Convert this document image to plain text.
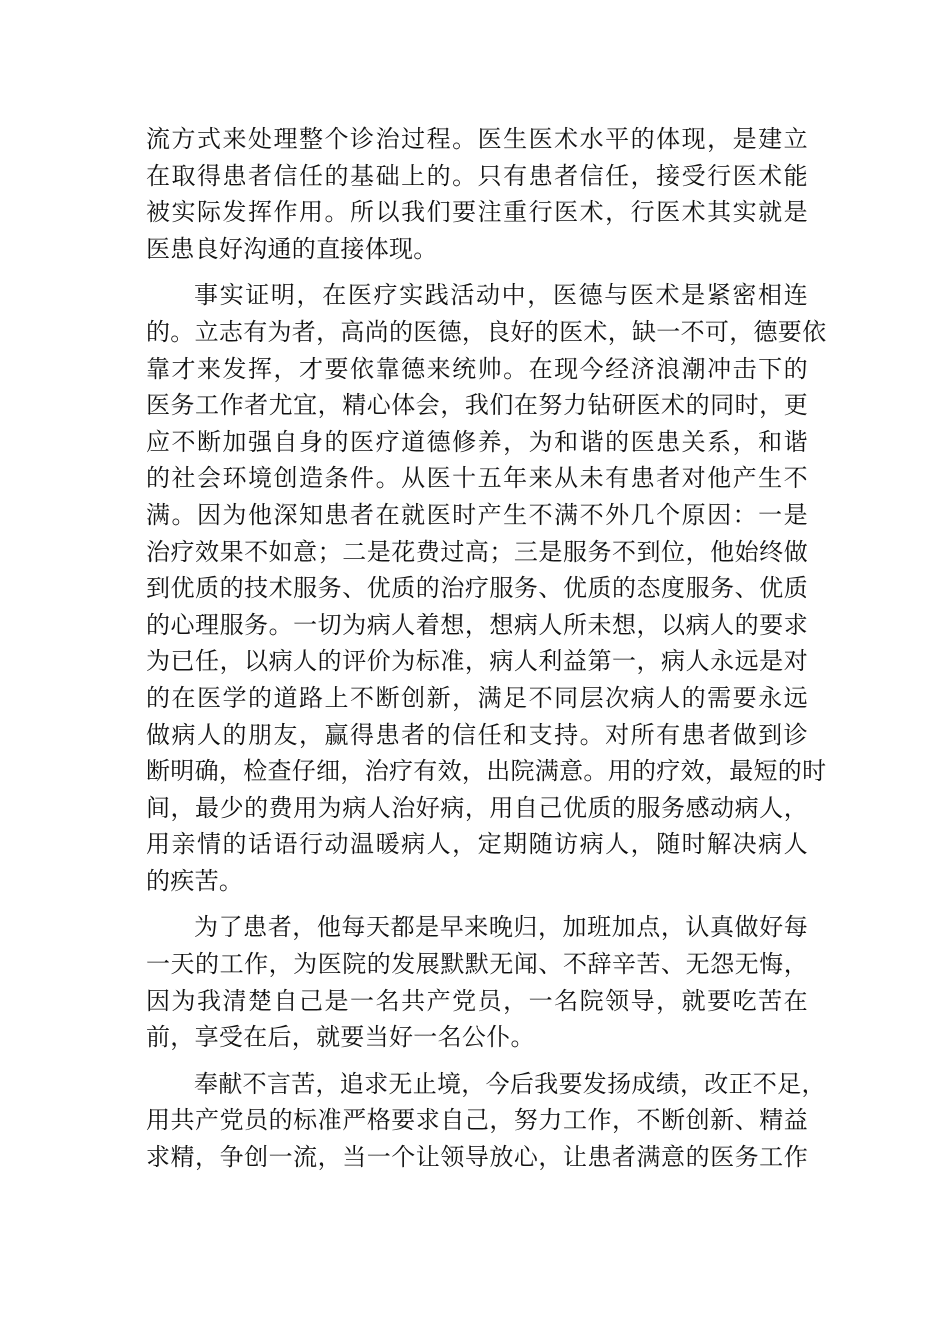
流方式来处理整个诊治过程。医生医术水平的体现，是建立
在取得患者信任的基础上的。只有患者信任，接受行医术能
被实际发挥作用。所以我们要注重行医术，行医术其实就是
医患良好沟通的直接体现。

事实证明，在医疗实践活动中，医德与医术是紧密相连
的。立志有为者，高尚的医德，良好的医术，缺一不可，德要依
靠才来发挥，才要依靠德来统帅。在现今经济浪潮冲击下的
医务工作者尤宜，精心体会，我们在努力钻研医术的同时，更
应不断加强自身的医疗道德修养，为和谐的医患关系，和谐
的社会环境创造条件。从医十五年来从未有患者对他产生不
满。因为他深知患者在就医时产生不满不外几个原因：一是
治疗效果不如意；二是花费过高；三是服务不到位，他始终做
到优质的技术服务、优质的治疗服务、优质的态度服务、优质
的心理服务。一切为病人着想，想病人所未想，以病人的要求
为已任，以病人的评价为标准，病人利益第一，病人永远是对
的在医学的道路上不断创新，满足不同层次病人的需要永远
做病人的朋友，赢得患者的信任和支持。对所有患者做到诊
断明确，检查仔细，治疗有效，出院满意。用的疗效，最短的时
间，最少的费用为病人治好病，用自己优质的服务感动病人，
用亲情的话语行动温暖病人，定期随访病人，随时解决病人
的疾苦。

为了患者，他每天都是早来晚归，加班加点，认真做好每
一天的工作，为医院的发展默默无闻、不辞辛苦、无怨无悔，
因为我清楚自己是一名共产党员，一名院领导，就要吃苦在
前，享受在后，就要当好一名公仆。

奉献不言苦，追求无止境，今后我要发扬成绩，改正不足，
用共产党员的标准严格要求自己，努力工作，不断创新、精益
求精，争创一流，当一个让领导放心，让患者满意的医务工作
